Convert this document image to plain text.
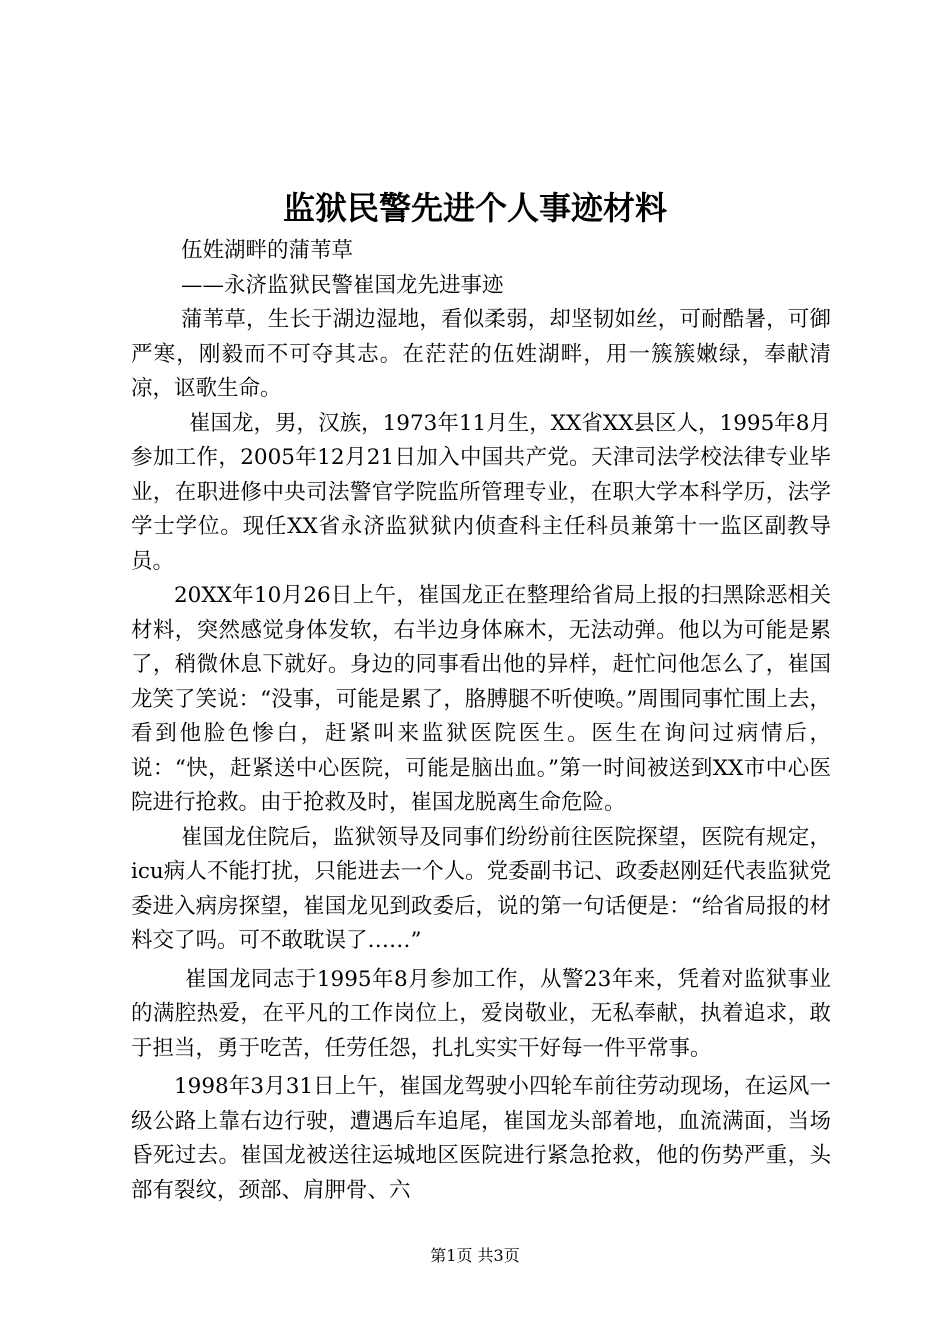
监狱民警先进个人事迹材料

伍姓湖畔的蒲苇草

——永济监狱民警崔国龙先进事迹

蒲苇草，生长于湖边湿地，看似柔弱，却坚韧如丝，可耐酷暑，可御严寒，刚毅而不可夺其志。在茫茫的伍姓湖畔，用一簇簇嫩绿，奉献清凉，讴歌生命。

崔国龙，男，汉族，1973年11月生，XX省XX县区人，1995年8月参加工作，2005年12月21日加入中国共产党。天津司法学校法律专业毕业，在职进修中央司法警官学院监所管理专业，在职大学本科学历，法学学士学位。现任XX省永济监狱狱内侦查科主任科员兼第十一监区副教导员。

20XX年10月26日上午，崔国龙正在整理给省局上报的扫黑除恶相关材料，突然感觉身体发软，右半边身体麻木，无法动弹。他以为可能是累了，稍微休息下就好。身边的同事看出他的异样，赶忙问他怎么了，崔国龙笑了笑说：“没事，可能是累了，胳膊腿不听使唤。”周围同事忙围上去，看到他脸色惨白，赶紧叫来监狱医院医生。医生在询问过病情后，说：“快，赶紧送中心医院，可能是脑出血。”第一时间被送到XX市中心医院进行抢救。由于抢救及时，崔国龙脱离生命危险。

崔国龙住院后，监狱领导及同事们纷纷前往医院探望，医院有规定，icu病人不能打扰，只能进去一个人。党委副书记、政委赵刚廷代表监狱党委进入病房探望，崔国龙见到政委后，说的第一句话便是：“给省局报的材料交了吗。可不敢耽误了……”

崔国龙同志于1995年8月参加工作，从警23年来，凭着对监狱事业的满腔热爱，在平凡的工作岗位上，爱岗敬业，无私奉献，执着追求，敢于担当，勇于吃苦，任劳任怨，扎扎实实干好每一件平常事。

1998年3月31日上午，崔国龙驾驶小四轮车前往劳动现场，在运风一级公路上靠右边行驶，遭遇后车追尾，崔国龙头部着地，血流满面，当场昏死过去。崔国龙被送往运城地区医院进行紧急抢救，他的伤势严重，头部有裂纹，颈部、肩胛骨、六

第1页 共3页
